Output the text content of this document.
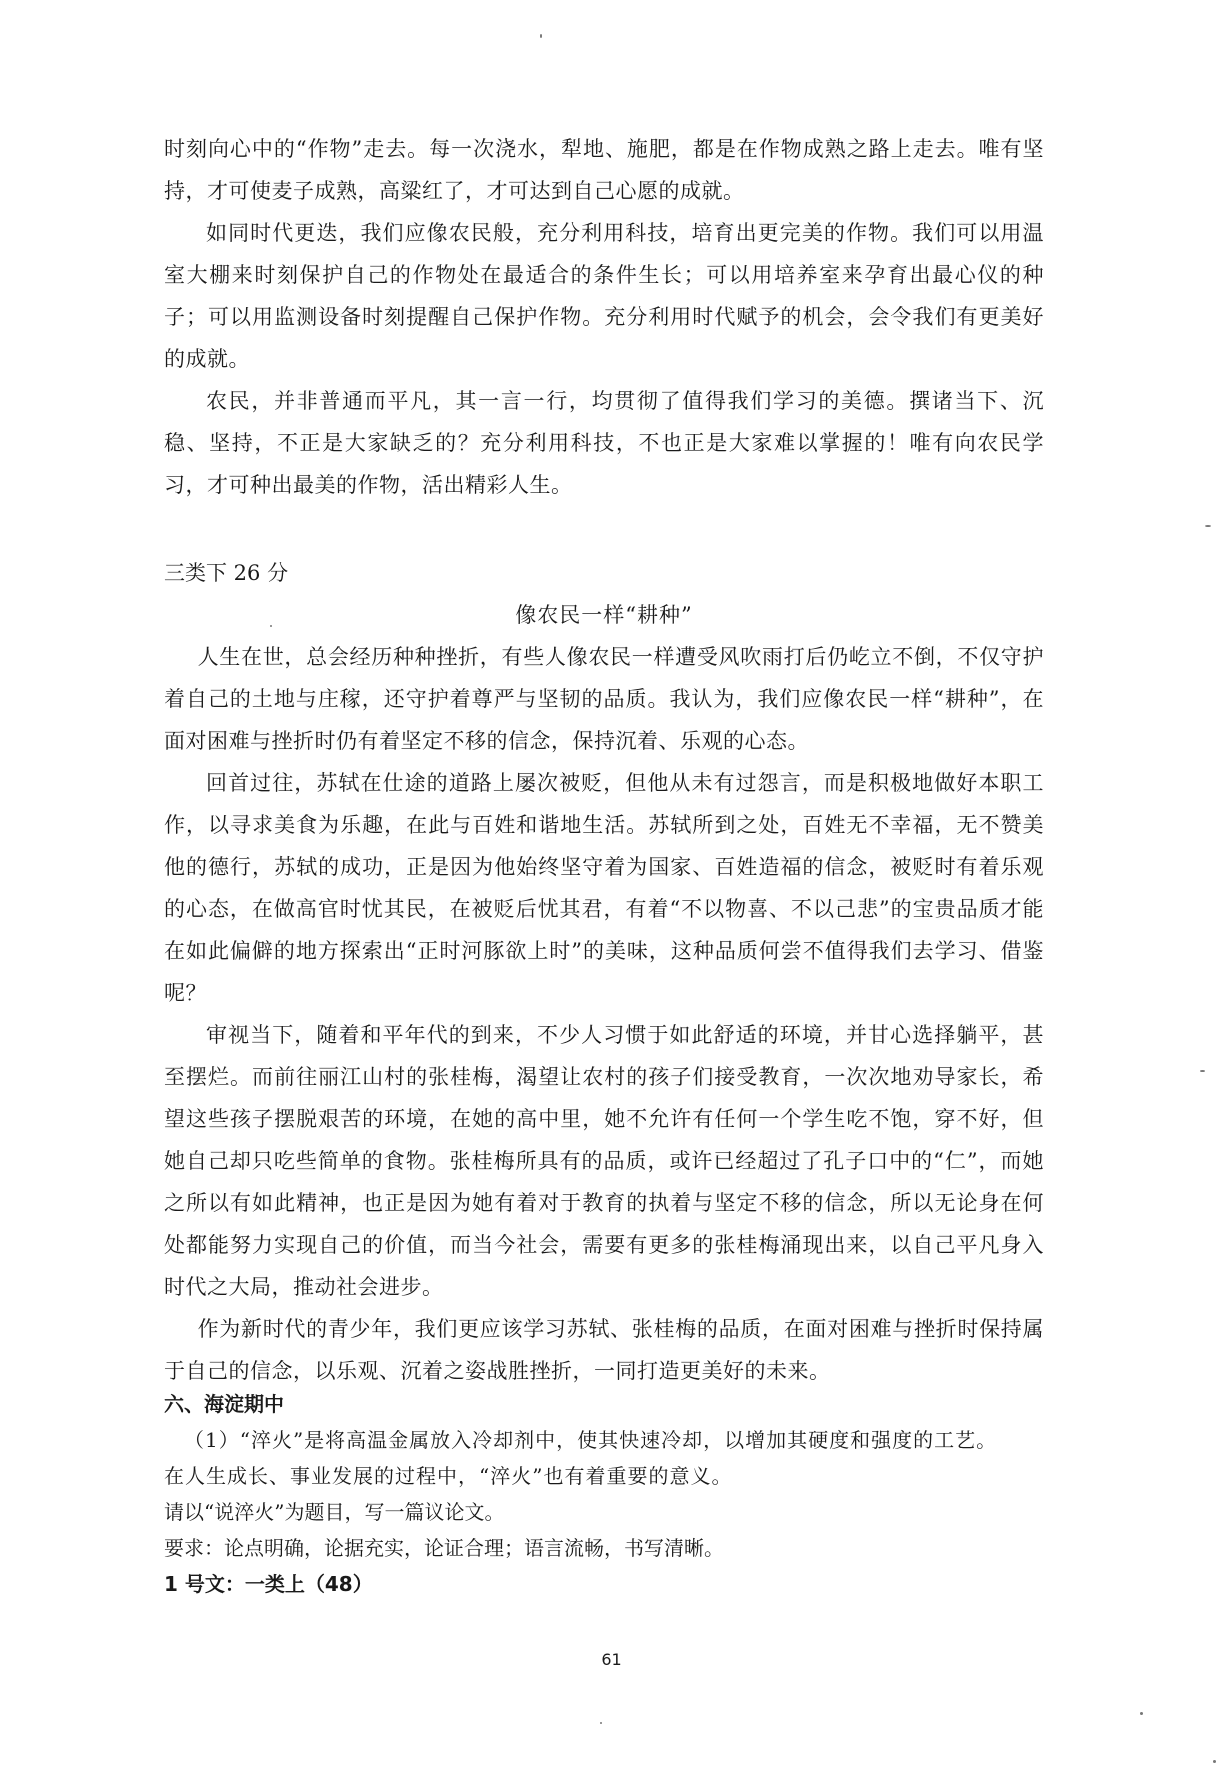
时刻向心中的“作物”走去。每一次浇水，犁地、施肥，都是在作物成熟之路上走去。唯有坚持，才可使麦子成熟，高粱红了，才可达到自己心愿的成就。

如同时代更迭，我们应像农民般，充分利用科技，培育出更完美的作物。我们可以用温室大棚来时刻保护自己的作物处在最适合的条件生长；可以用培养室来孕育出最心仪的种子；可以用监测设备时刻提醒自己保护作物。充分利用时代赋予的机会，会令我们有更美好的成就。

农民，并非普通而平凡，其一言一行，均贯彻了值得我们学习的美德。撰诸当下、沉稳、坚持，不正是大家缺乏的？充分利用科技，不也正是大家难以掌握的！唯有向农民学习，才可种出最美的作物，活出精彩人生。

三类下 26 分

像农民一样“耕种”

人生在世，总会经历种种挫折，有些人像农民一样遭受风吹雨打后仍屹立不倒，不仅守护着自己的土地与庄稼，还守护着尊严与坚韧的品质。我认为，我们应像农民一样“耕种”，在面对困难与挫折时仍有着坚定不移的信念，保持沉着、乐观的心态。

回首过往，苏轼在仕途的道路上屡次被贬，但他从未有过怨言，而是积极地做好本职工作，以寻求美食为乐趣，在此与百姓和谐地生活。苏轼所到之处，百姓无不幸福，无不赞美他的德行，苏轼的成功，正是因为他始终坚守着为国家、百姓造福的信念，被贬时有着乐观的心态，在做高官时忧其民，在被贬后忧其君，有着“不以物喜、不以己悲”的宝贵品质才能在如此偏僻的地方探索出“正时河豚欲上时”的美味，这种品质何尝不值得我们去学习、借鉴呢？

审视当下，随着和平年代的到来，不少人习惯于如此舒适的环境，并甘心选择躺平，甚至摆烂。而前往丽江山村的张桂梅，渴望让农村的孩子们接受教育，一次次地劝导家长，希望这些孩子摆脱艰苦的环境，在她的高中里，她不允许有任何一个学生吃不饱，穿不好，但她自己却只吃些简单的食物。张桂梅所具有的品质，或许已经超过了孔子口中的“仁”，而她之所以有如此精神，也正是因为她有着对于教育的执着与坚定不移的信念，所以无论身在何处都能努力实现自己的价值，而当今社会，需要有更多的张桂梅涌现出来，以自己平凡身入时代之大局，推动社会进步。

作为新时代的青少年，我们更应该学习苏轼、张桂梅的品质，在面对困难与挫折时保持属于自己的信念，以乐观、沉着之姿战胜挫折，一同打造更美好的未来。

六、海淀期中

（1）“淬火”是将高温金属放入冷却剂中，使其快速冷却，以增加其硬度和强度的工艺。

在人生成长、事业发展的过程中，“淬火”也有着重要的意义。

请以“说淬火”为题目，写一篇议论文。

要求：论点明确，论据充实，论证合理；语言流畅，书写清晰。

1 号文：一类上（48）

61
